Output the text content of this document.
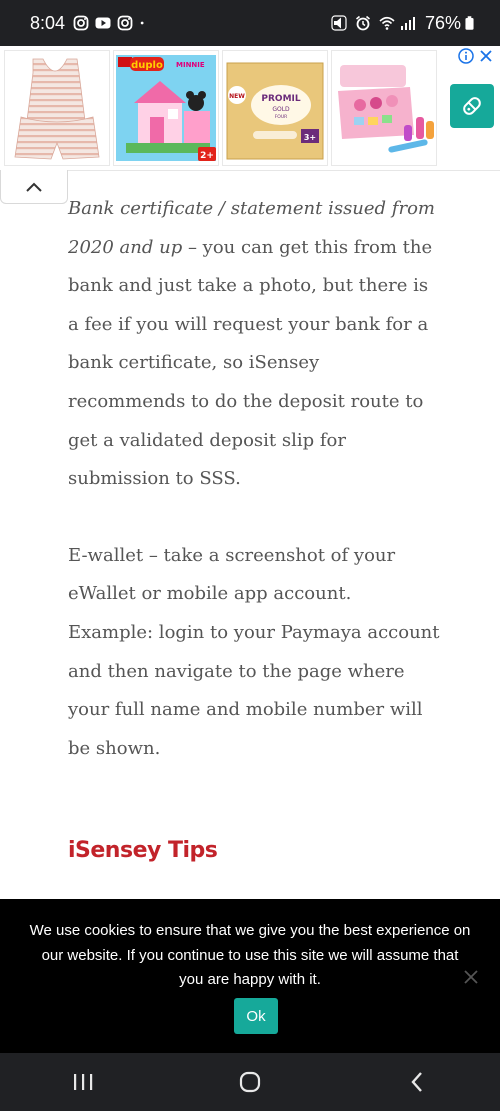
8:04	76%
duplo MINNIE
2+
NEW PROMIL
GOLD
FOUR
3+

Bank certificate / statement issued from 2020 and up – you can get this from the bank and just take a photo, but there is a fee if you will request your bank for a bank certificate, so iSensey recommends to do the deposit route to get a validated deposit slip for submission to SSS.

E-wallet – take a screenshot of your eWallet or mobile app account. Example: login to your Paymaya account and then navigate to the page where your full name and mobile number will be shown.

iSensey Tips
We use cookies to ensure that we give you the best experience on our website. If you continue to use this site we will assume that you are happy with it.
Ok
